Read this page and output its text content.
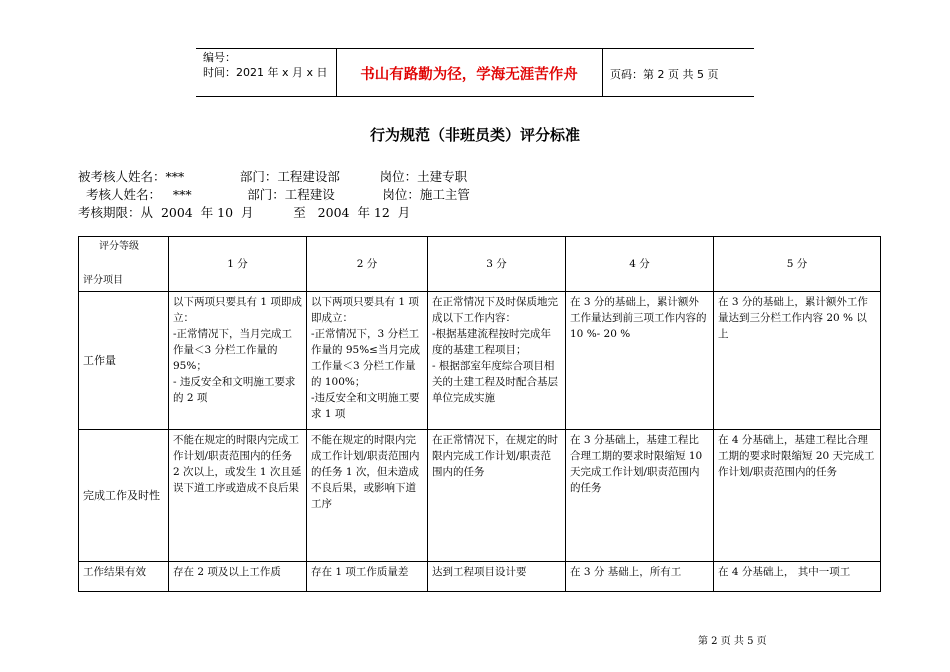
编号：
时间：2021 年 x 月 x 日	书山有路勤为径，学海无涯苦作舟	页码：第 2 页 共 5 页
行为规范（非班员类）评分标准
被考核人姓名：***              部门：工程建设部          岗位：土建专职
考核人姓名：   ***              部门：工程建设            岗位：施工主管
考核期限：从  2004  年 10  月          至   2004  年 12  月
评分等级
评分项目	1 分	2 分	3 分	4 分	5 分
工作量	以下两项只要具有 1 项即成立：
-正常情况下，当月完成工作量＜3 分栏工作量的 95%；
- 违反安全和文明施工要求的 2 项	以下两项只要具有 1 项即成立：
-正常情况下，3 分栏工作量的 95%≤当月完成工作量＜3 分栏工作量的 100%；
-违反安全和文明施工要求 1 项	在正常情况下及时保质地完成以下工作内容：
-根据基建流程按时完成年度的基建工程项目；
- 根据部室年度综合项目相关的土建工程及时配合基层单位完成实施	在 3 分的基础上，累计额外工作量达到前三项工作内容的 10 %- 20 %	在 3 分的基础上，累计额外工作量达到三分栏工作内容 20 % 以上
完成工作及时性	不能在规定的时限内完成工作计划/职责范围内的任务 2 次以上，或发生 1 次且延误下道工序或造成不良后果	不能在规定的时限内完成工作计划/职责范围内的任务 1 次，但未造成不良后果，或影响下道工序	在正常情况下，在规定的时限内完成工作计划/职责范围内的任务	在 3 分基础上，基建工程比合理工期的要求时限缩短 10 天完成工作计划/职责范围内的任务	在 4 分基础上，基建工程比合理工期的要求时限缩短 20 天完成工作计划/职责范围内的任务
工作结果有效	存在 2 项及以上工作质	存在 1 项工作质量差	达到工程项目设计要	在 3 分 基础上，所有工	在 4 分基础上， 其中一项工
第 2 页 共 5 页
